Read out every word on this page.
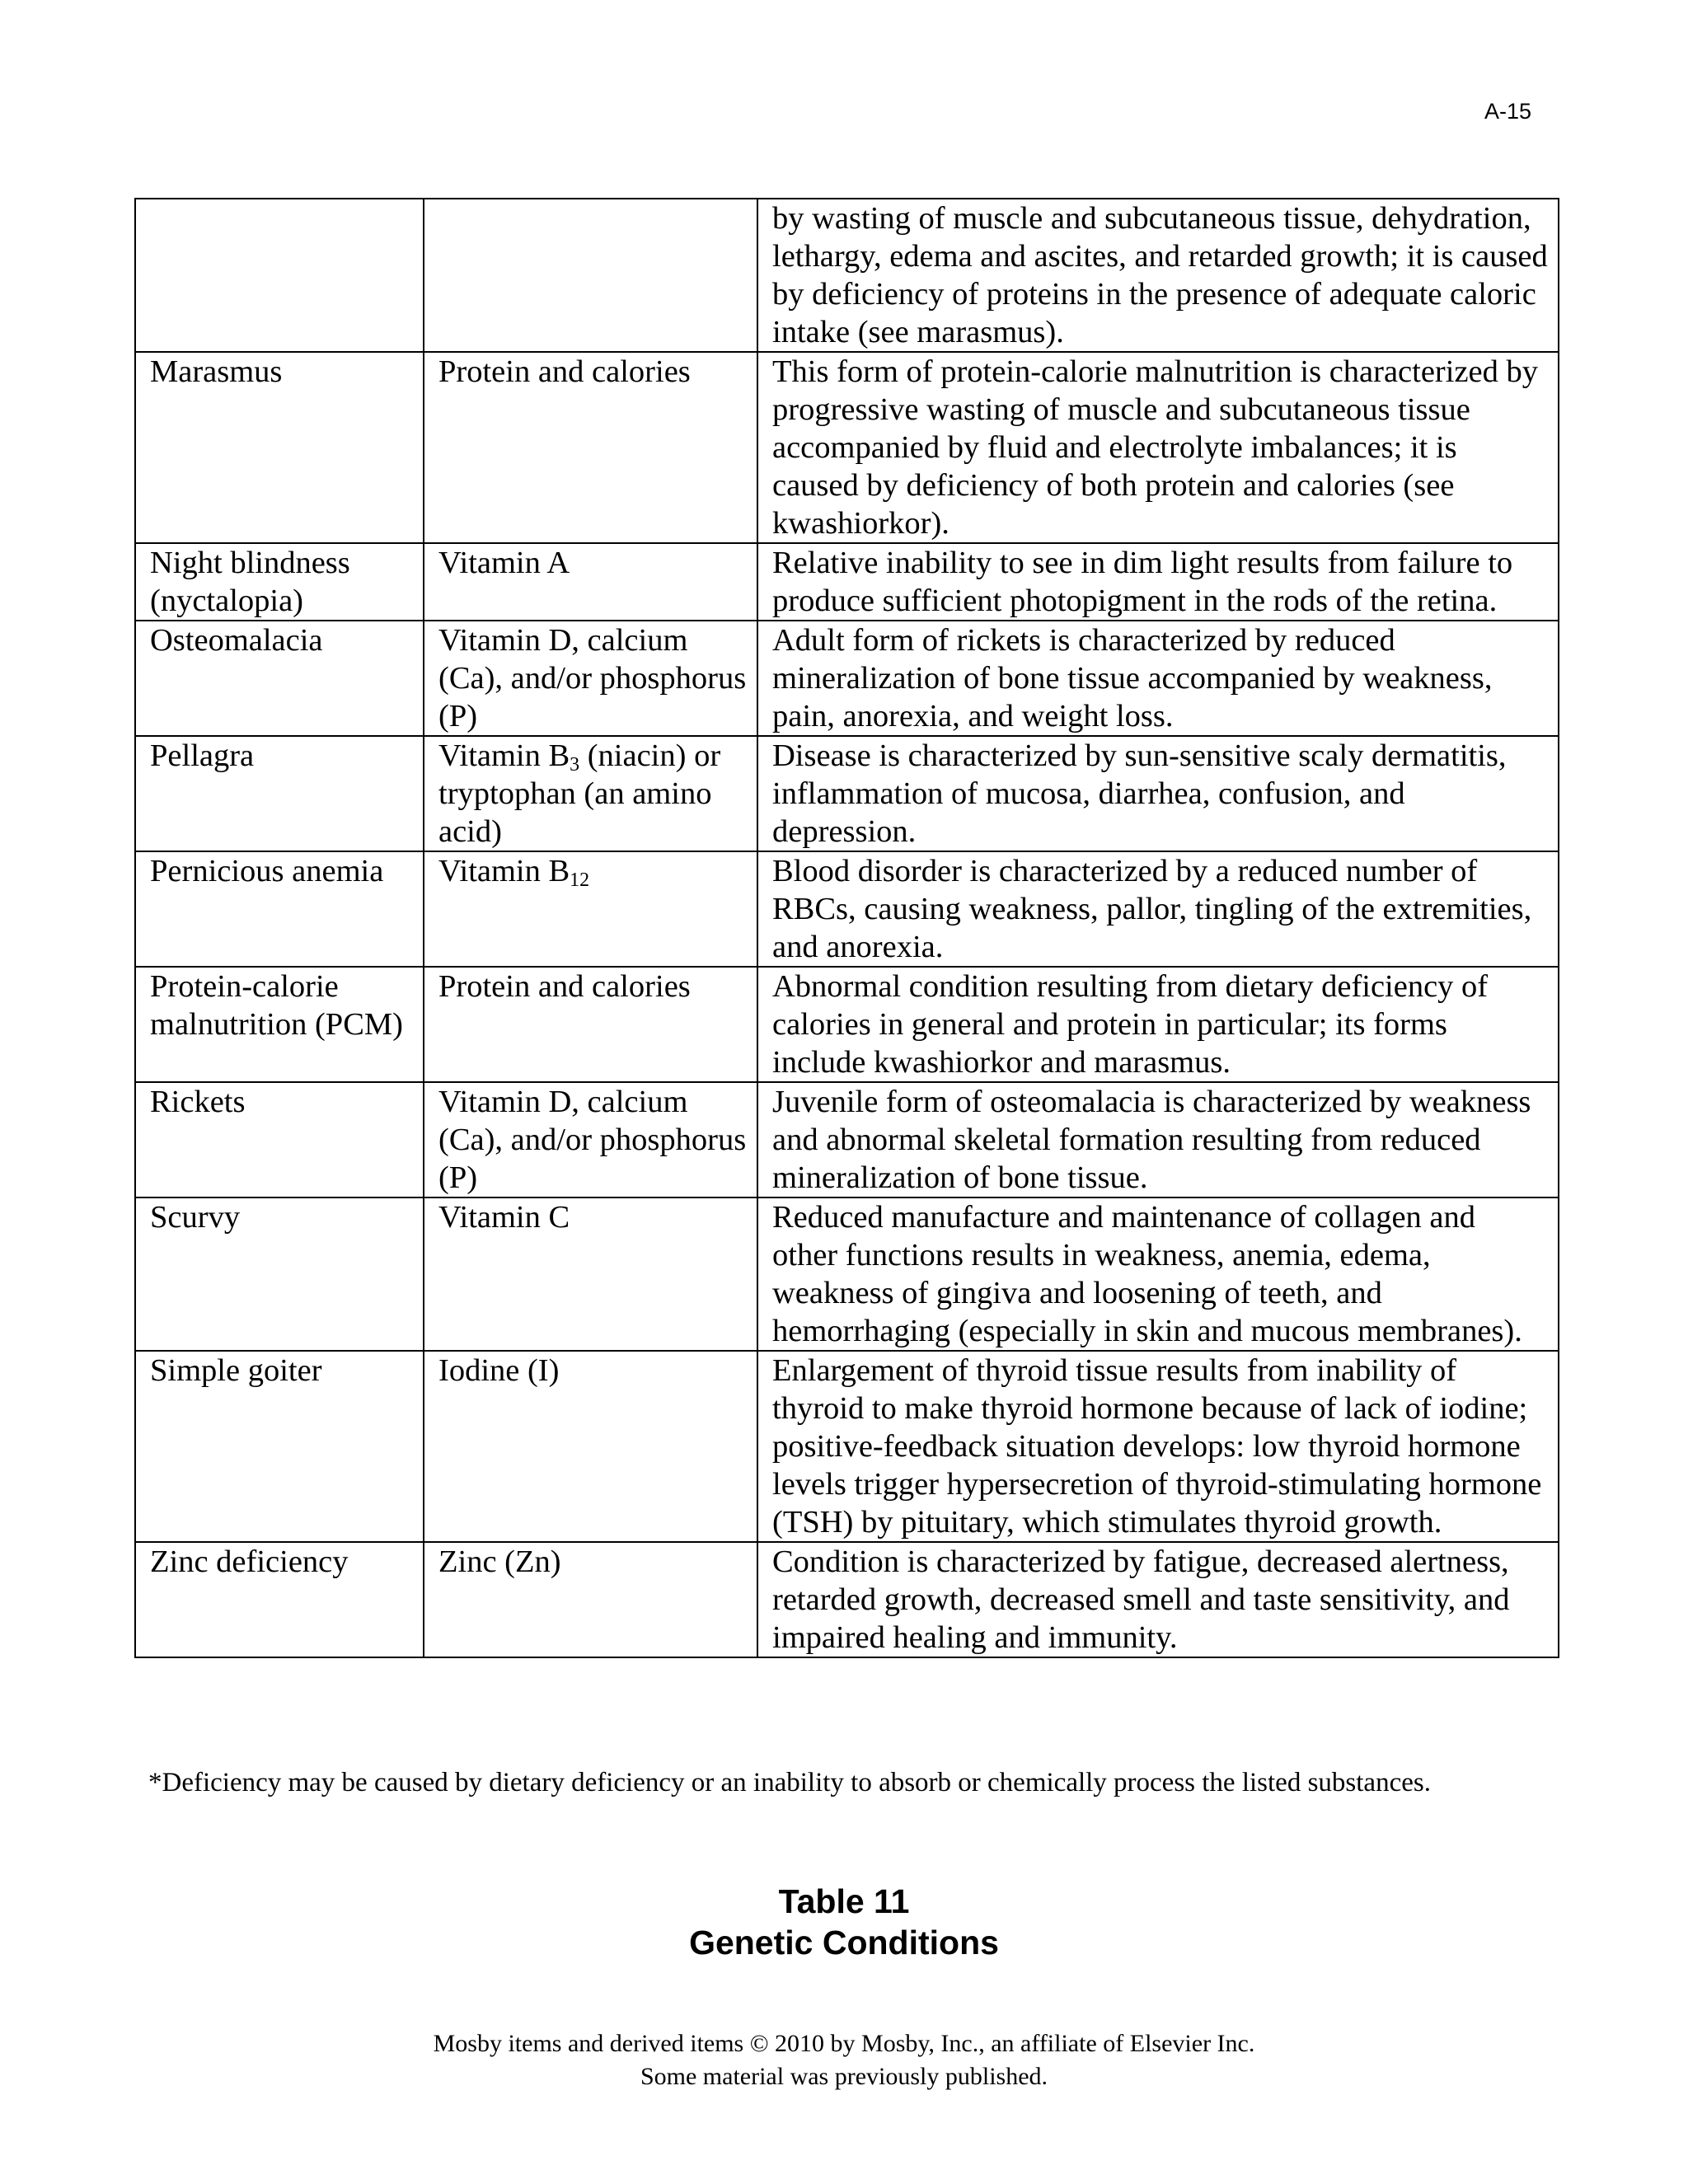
A-15
		by wasting of muscle and subcutaneous tissue, dehydration, lethargy, edema and ascites, and retarded growth; it is caused by deficiency of proteins in the presence of adequate caloric intake (see marasmus).
Marasmus	Protein and calories	This form of protein-calorie malnutrition is characterized by progressive wasting of muscle and subcutaneous tissue accompanied by fluid and electrolyte imbalances; it is caused by deficiency of both protein and calories (see kwashiorkor).
Night blindness (nyctalopia)	Vitamin A	Relative inability to see in dim light results from failure to produce sufficient photopigment in the rods of the retina.
Osteomalacia	Vitamin D, calcium (Ca), and/or phosphorus (P)	Adult form of rickets is characterized by reduced mineralization of bone tissue accompanied by weakness, pain, anorexia, and weight loss.
Pellagra	Vitamin $B_3$ (niacin) or tryptophan (an amino acid)	Disease is characterized by sun-sensitive scaly dermatitis, inflammation of mucosa, diarrhea, confusion, and depression.
Pernicious anemia	Vitamin $B_{12}$	Blood disorder is characterized by a reduced number of RBCs, causing weakness, pallor, tingling of the extremities, and anorexia.
Protein-calorie malnutrition (PCM)	Protein and calories	Abnormal condition resulting from dietary deficiency of calories in general and protein in particular; its forms include kwashiorkor and marasmus.
Rickets	Vitamin D, calcium (Ca), and/or phosphorus (P)	Juvenile form of osteomalacia is characterized by weakness and abnormal skeletal formation resulting from reduced mineralization of bone tissue.
Scurvy	Vitamin C	Reduced manufacture and maintenance of collagen and other functions results in weakness, anemia, edema, weakness of gingiva and loosening of teeth, and hemorrhaging (especially in skin and mucous membranes).
Simple goiter	Iodine (I)	Enlargement of thyroid tissue results from inability of thyroid to make thyroid hormone because of lack of iodine; positive-feedback situation develops: low thyroid hormone levels trigger hypersecretion of thyroid-stimulating hormone (TSH) by pituitary, which stimulates thyroid growth.
Zinc deficiency	Zinc (Zn)	Condition is characterized by fatigue, decreased alertness, retarded growth, decreased smell and taste sensitivity, and impaired healing and immunity.
*Deficiency may be caused by dietary deficiency or an inability to absorb or chemically process the listed substances.
Table 11
Genetic Conditions
Mosby items and derived items © 2010 by Mosby, Inc., an affiliate of Elsevier Inc.
Some material was previously published.
